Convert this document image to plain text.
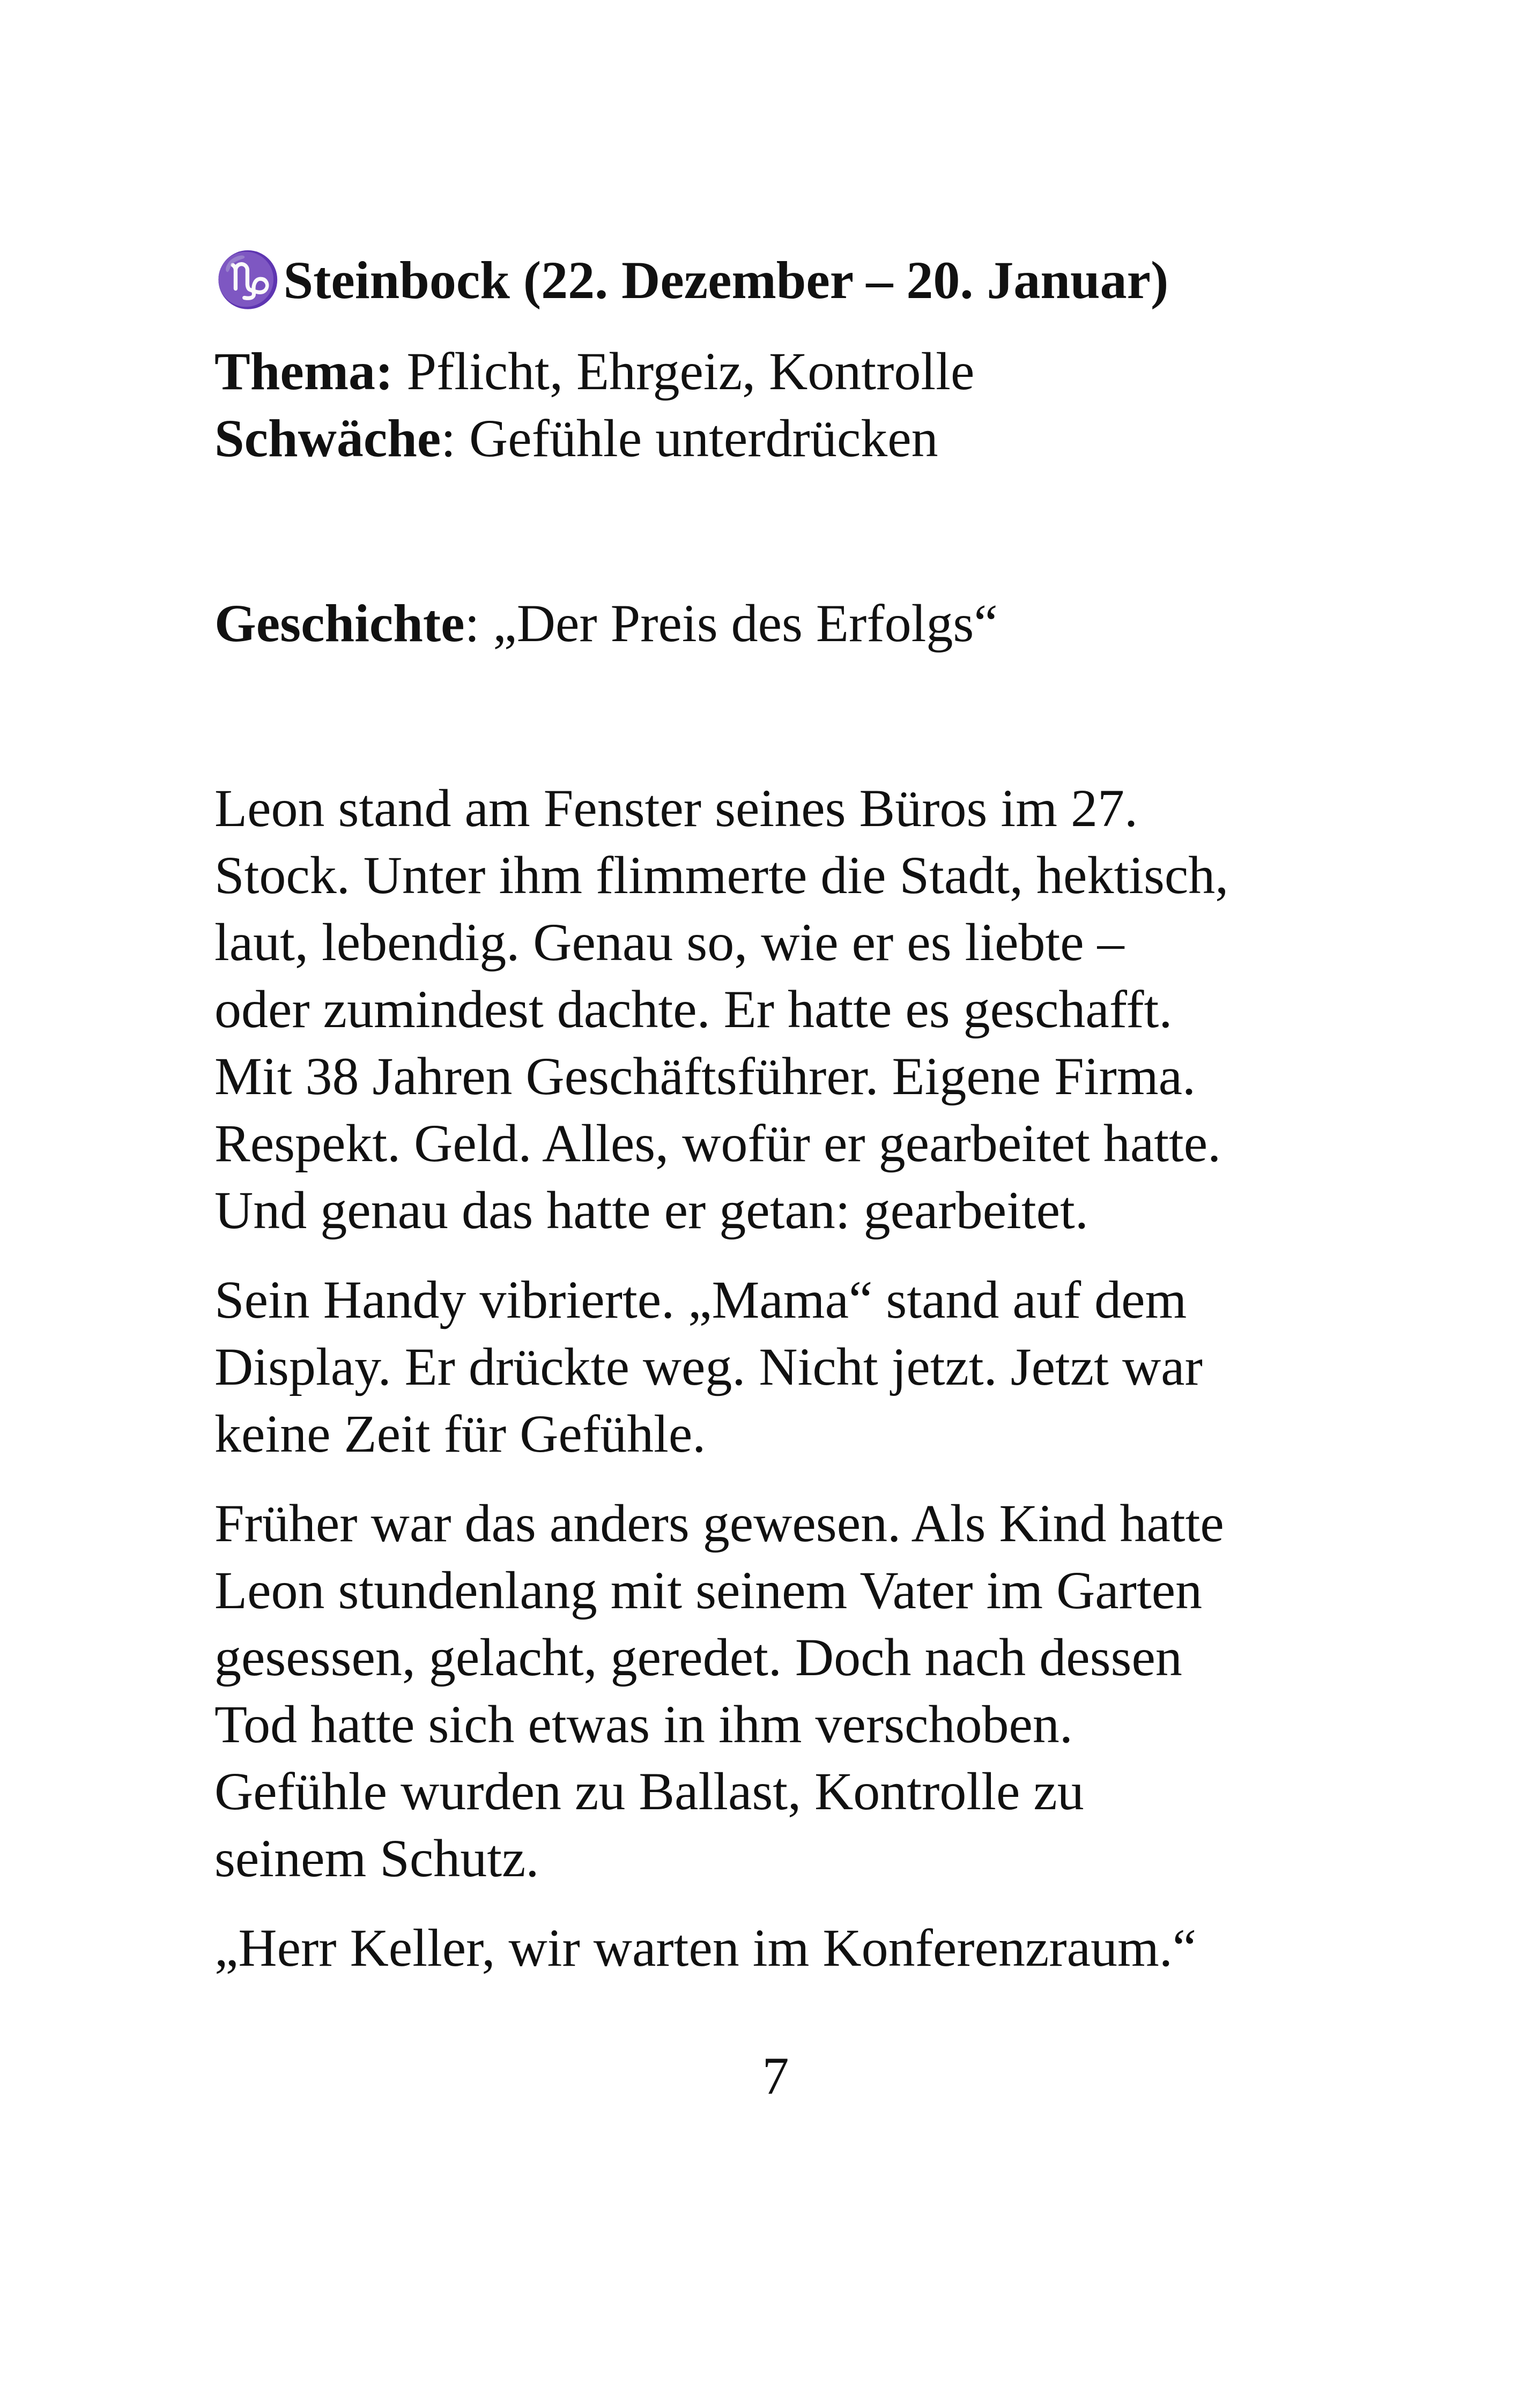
♑Steinbock (22. Dezember – 20. Januar)

Thema: Pflicht, Ehrgeiz, Kontrolle

Schwäche: Gefühle unterdrücken

Geschichte: „Der Preis des Erfolgs“

Leon stand am Fenster seines Büros im 27.
Stock. Unter ihm flimmerte die Stadt, hektisch,
laut, lebendig. Genau so, wie er es liebte –
oder zumindest dachte. Er hatte es geschafft.
Mit 38 Jahren Geschäftsführer. Eigene Firma.
Respekt. Geld. Alles, wofür er gearbeitet hatte.
Und genau das hatte er getan: gearbeitet.

Sein Handy vibrierte. „Mama“ stand auf dem
Display. Er drückte weg. Nicht jetzt. Jetzt war
keine Zeit für Gefühle.

Früher war das anders gewesen. Als Kind hatte
Leon stundenlang mit seinem Vater im Garten
gesessen, gelacht, geredet. Doch nach dessen
Tod hatte sich etwas in ihm verschoben.
Gefühle wurden zu Ballast, Kontrolle zu
seinem Schutz.

„Herr Keller, wir warten im Konferenzraum.“

7
